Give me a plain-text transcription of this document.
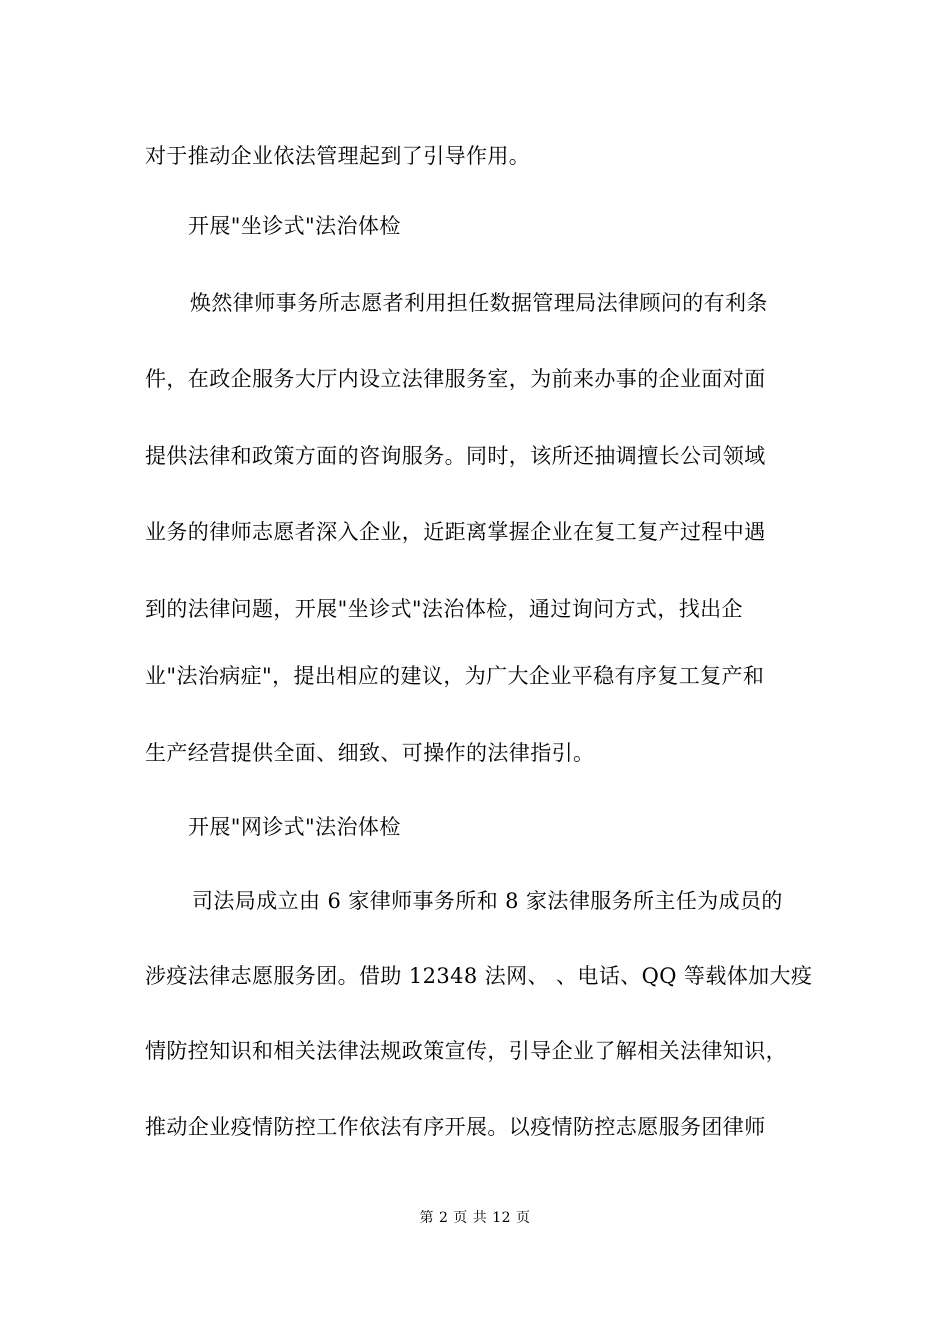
对于推动企业依法管理起到了引导作用。
开展"坐诊式"法治体检
焕然律师事务所志愿者利用担任数据管理局法律顾问的有利条
件，在政企服务大厅内设立法律服务室，为前来办事的企业面对面
提供法律和政策方面的咨询服务。同时，该所还抽调擅长公司领域
业务的律师志愿者深入企业，近距离掌握企业在复工复产过程中遇
到的法律问题，开展"坐诊式"法治体检，通过询问方式，找出企
业"法治病症"，提出相应的建议，为广大企业平稳有序复工复产和
生产经营提供全面、细致、可操作的法律指引。
开展"网诊式"法治体检
司法局成立由 6 家律师事务所和 8 家法律服务所主任为成员的
涉疫法律志愿服务团。借助 12348 法网、 、电话、QQ 等载体加大疫
情防控知识和相关法律法规政策宣传，引导企业了解相关法律知识，
推动企业疫情防控工作依法有序开展。以疫情防控志愿服务团律师
第 2 页 共 12 页
